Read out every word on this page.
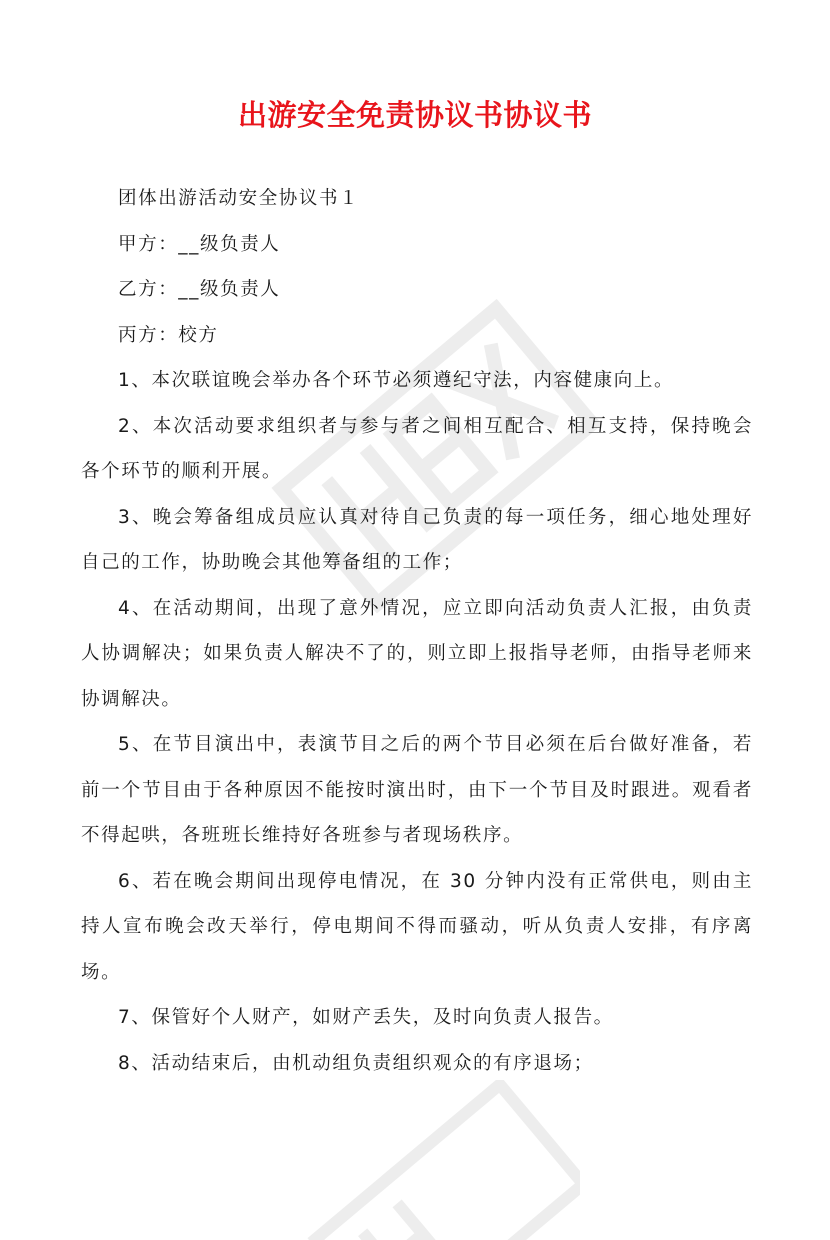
出游安全免责协议书协议书

团体出游活动安全协议书１

甲方：__级负责人

乙方：__级负责人

丙方：校方

1、本次联谊晚会举办各个环节必须遵纪守法，内容健康向上。

2、本次活动要求组织者与参与者之间相互配合、相互支持，保持晚会各个环节的顺利开展。

3、晚会筹备组成员应认真对待自己负责的每一项任务，细心地处理好自己的工作，协助晚会其他筹备组的工作；

4、在活动期间，出现了意外情况，应立即向活动负责人汇报，由负责人协调解决；如果负责人解决不了的，则立即上报指导老师，由指导老师来协调解决。

5、在节目演出中，表演节目之后的两个节目必须在后台做好准备，若前一个节目由于各种原因不能按时演出时，由下一个节目及时跟进。观看者不得起哄，各班班长维持好各班参与者现场秩序。

6、若在晚会期间出现停电情况，在 30 分钟内没有正常供电，则由主持人宣布晚会改天举行，停电期间不得而骚动，听从负责人安排，有序离场。

7、保管好个人财产，如财产丢失，及时向负责人报告。

8、活动结束后，由机动组负责组织观众的有序退场；
